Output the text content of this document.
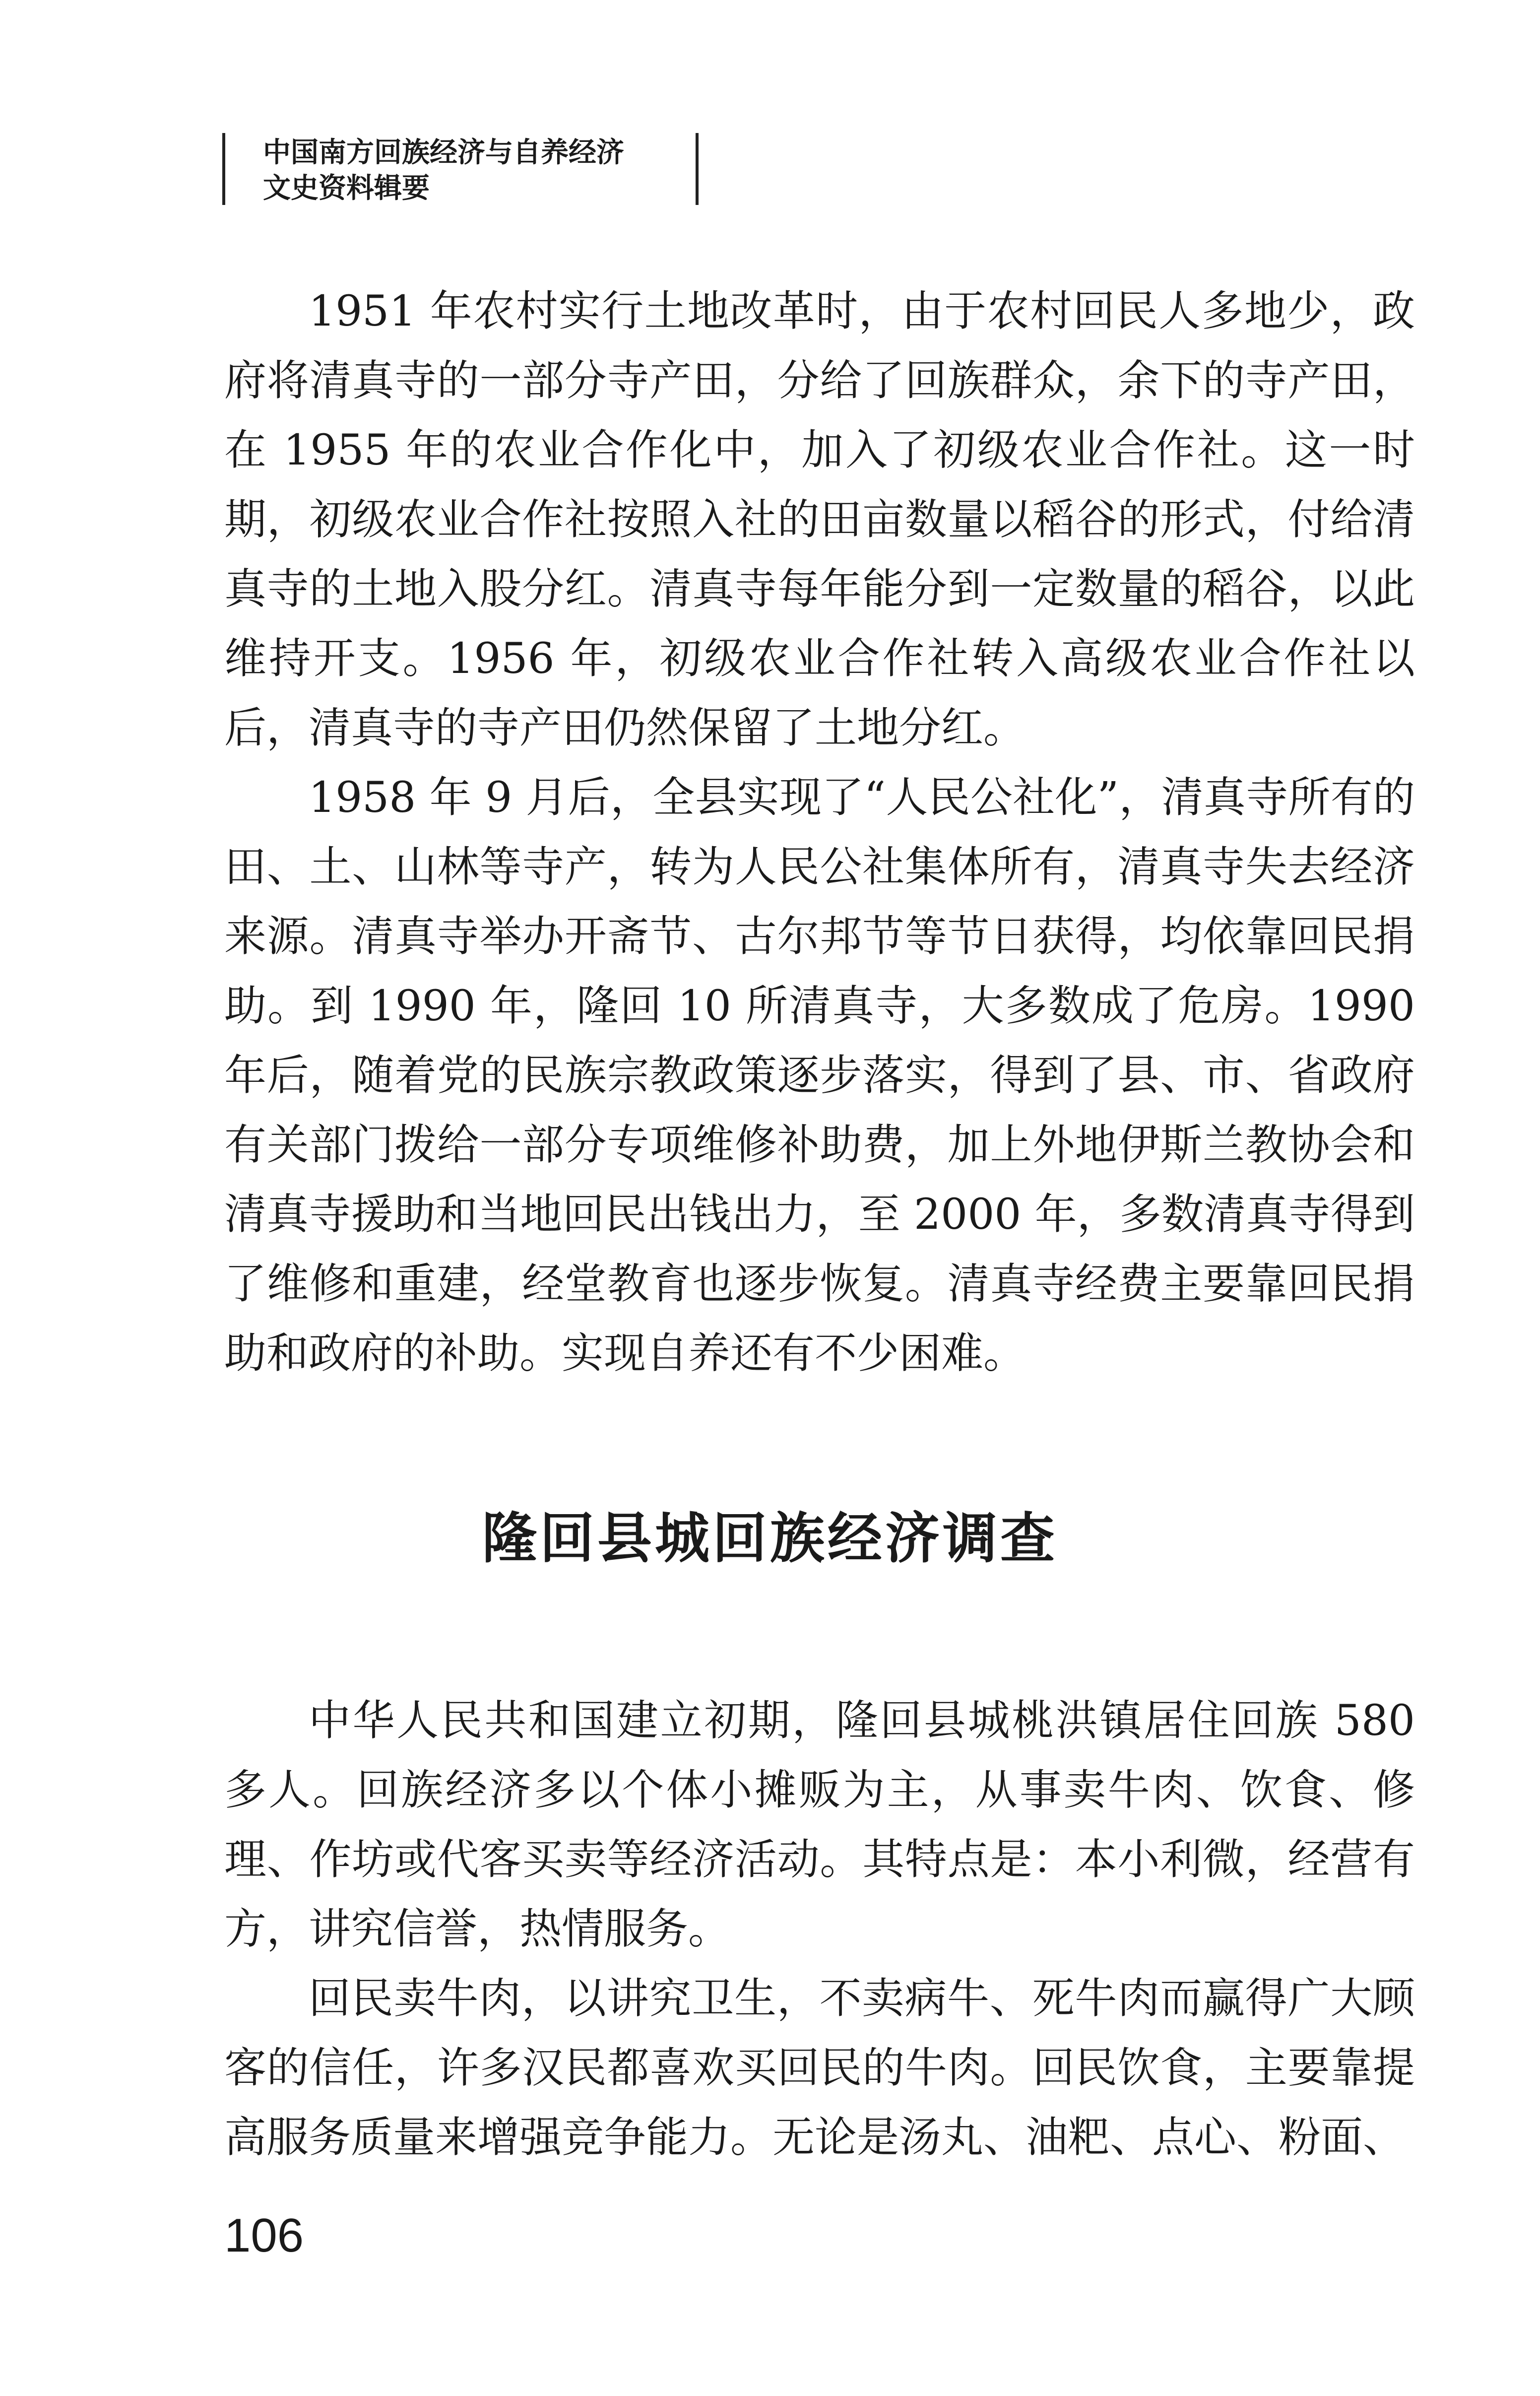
中国南方回族经济与自养经济
文史资料辑要

1951 年农村实行土地改革时，由于农村回民人多地少，政府将清真寺的一部分寺产田，分给了回族群众，余下的寺产田，在 1955 年的农业合作化中，加入了初级农业合作社。这一时期，初级农业合作社按照入社的田亩数量以稻谷的形式，付给清真寺的土地入股分红。清真寺每年能分到一定数量的稻谷，以此维持开支。1956 年，初级农业合作社转入高级农业合作社以后，清真寺的寺产田仍然保留了土地分红。

1958 年 9 月后，全县实现了“人民公社化”，清真寺所有的田、土、山林等寺产，转为人民公社集体所有，清真寺失去经济来源。清真寺举办开斋节、古尔邦节等节日获得，均依靠回民捐助。到 1990 年，隆回 10 所清真寺，大多数成了危房。1990 年后，随着党的民族宗教政策逐步落实，得到了县、市、省政府有关部门拨给一部分专项维修补助费，加上外地伊斯兰教协会和清真寺援助和当地回民出钱出力，至 2000 年，多数清真寺得到了维修和重建，经堂教育也逐步恢复。清真寺经费主要靠回民捐助和政府的补助。实现自养还有不少困难。

隆回县城回族经济调查

中华人民共和国建立初期，隆回县城桃洪镇居住回族 580 多人。回族经济多以个体小摊贩为主，从事卖牛肉、饮食、修理、作坊或代客买卖等经济活动。其特点是：本小利微，经营有方，讲究信誉，热情服务。

回民卖牛肉，以讲究卫生，不卖病牛、死牛肉而赢得广大顾客的信任，许多汉民都喜欢买回民的牛肉。回民饮食，主要靠提高服务质量来增强竞争能力。无论是汤丸、油粑、点心、粉面、

106
